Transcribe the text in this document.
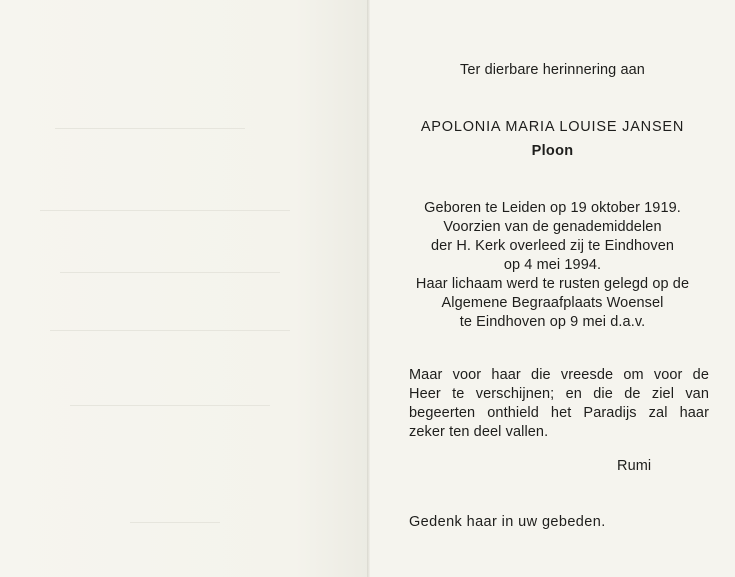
Ter dierbare herinnering aan
APOLONIA MARIA LOUISE JANSEN
Ploon
Geboren te Leiden op 19 oktober 1919.
Voorzien van de genademiddelen
der H. Kerk overleed zij te Eindhoven
op 4 mei 1994.
Haar lichaam werd te rusten gelegd op de
Algemene Begraafplaats Woensel
te Eindhoven op 9 mei d.a.v.
Maar voor haar die vreesde om voor de
Heer te verschijnen; en die de ziel van
begeerten onthield het Paradijs zal haar
zeker ten deel vallen.
Rumi
Gedenk haar in uw gebeden.
